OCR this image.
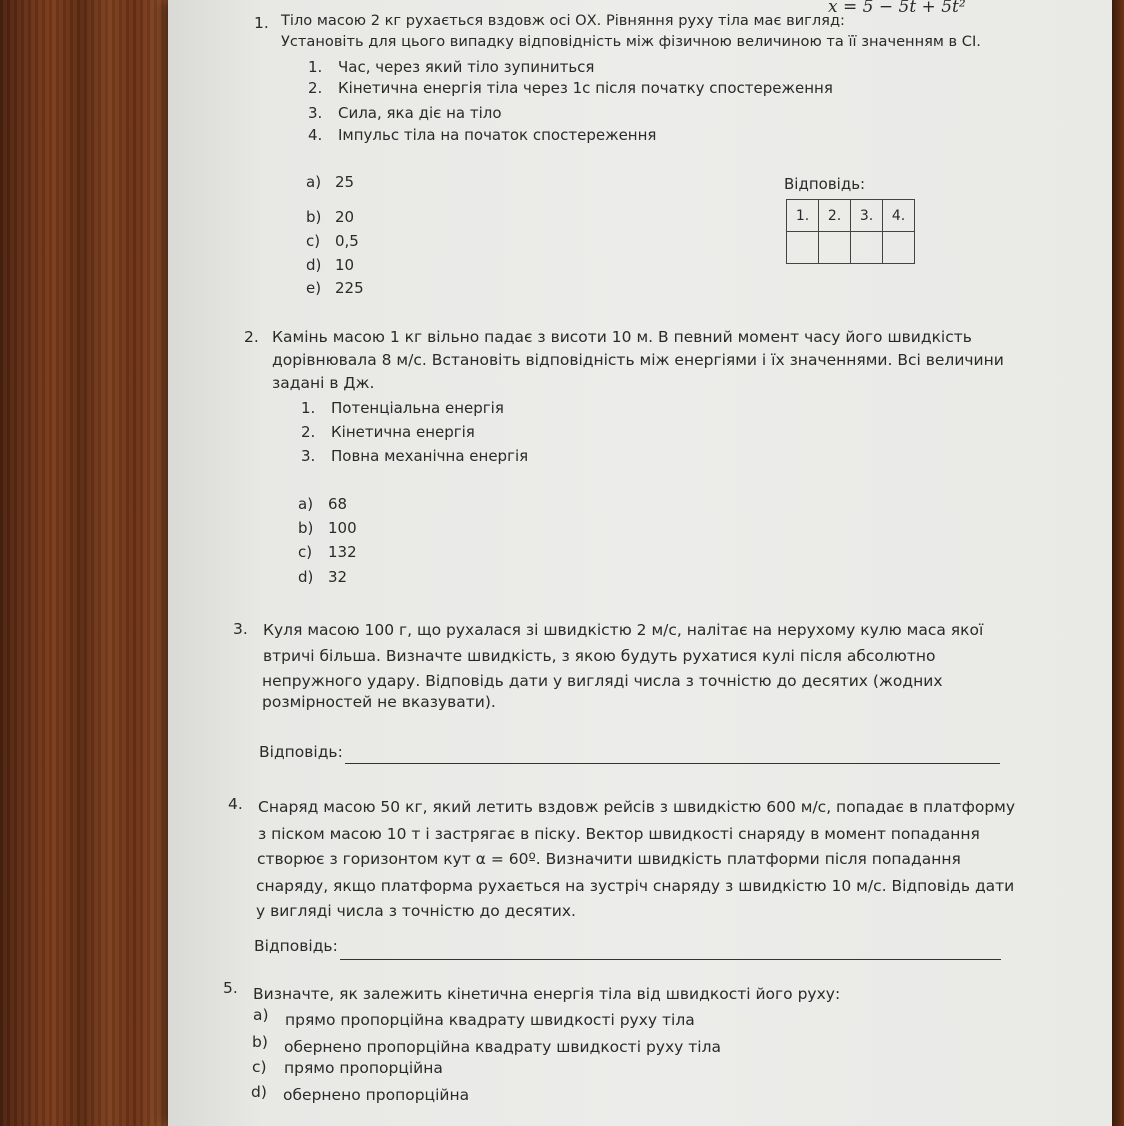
1. Тіло масою 2 кг рухається вздовж осі ОХ. Рівняння руху тіла має вигляд:
x = 5 − 5t + 5t²
Установіть для цього випадку відповідність між фізичною величиною та її значенням в СІ.
1. Час, через який тіло зупиниться
2. Кінетична енергія тіла через 1с після початку спостереження
3. Сила, яка діє на тіло
4. Імпульс тіла на початок спостереження
a) 25
b) 20
c) 0,5
d) 10
e) 225
Відповідь:
1.	2.	3.	4.

2. Камінь масою 1 кг вільно падає з висоти 10 м. В певний момент часу його швидкість
дорівнювала 8 м/с. Встановіть відповідність між енергіями і їх значеннями. Всі величини
задані в Дж.
1. Потенціальна енергія
2. Кінетична енергія
3. Повна механічна енергія
a) 68
b) 100
c) 132
d) 32
3. Куля масою 100 г, що рухалася зі швидкістю 2 м/с, налітає на нерухому кулю маса якої
втричі більша. Визначте швидкість, з якою будуть рухатися кулі після абсолютно
непружного удару. Відповідь дати у вигляді числа з точністю до десятих (жодних
розмірностей не вказувати).
Відповідь:
4. Снаряд масою 50 кг, який летить вздовж рейсів з швидкістю 600 м/с, попадає в платформу
з піском масою 10 т і застрягає в піску. Вектор швидкості снаряду в момент попадання
створює з горизонтом кут α = 60º. Визначити швидкість платформи після попадання
снаряду, якщо платформа рухається на зустріч снаряду з швидкістю 10 м/с. Відповідь дати
у вигляді числа з точністю до десятих.
Відповідь:
5. Визначте, як залежить кінетична енергія тіла від швидкості його руху:
a) прямо пропорційна квадрату швидкості руху тіла
b) обернено пропорційна квадрату швидкості руху тіла
c) прямо пропорційна
d) обернено пропорційна
